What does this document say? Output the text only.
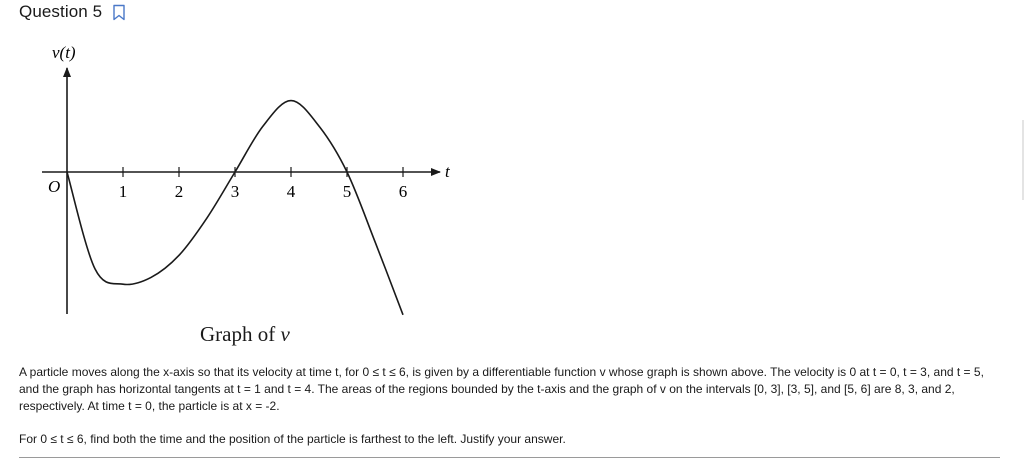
Question 5
1	2	3	4	5	6
v(t)
t
O
Graph of v
A particle moves along the x-axis so that its velocity at time t, for 0 ≤ t ≤ 6, is given by a differentiable function v whose graph is shown above. The velocity is 0 at t = 0, t = 3, and t = 5, and the graph has horizontal tangents at t = 1 and t = 4. The areas of the regions bounded by the t-axis and the graph of v on the intervals [0, 3], [3, 5], and [5, 6] are 8, 3, and 2, respectively. At time t = 0, the particle is at x = -2.
For 0 ≤ t ≤ 6, find both the time and the position of the particle is farthest to the left. Justify your answer.
